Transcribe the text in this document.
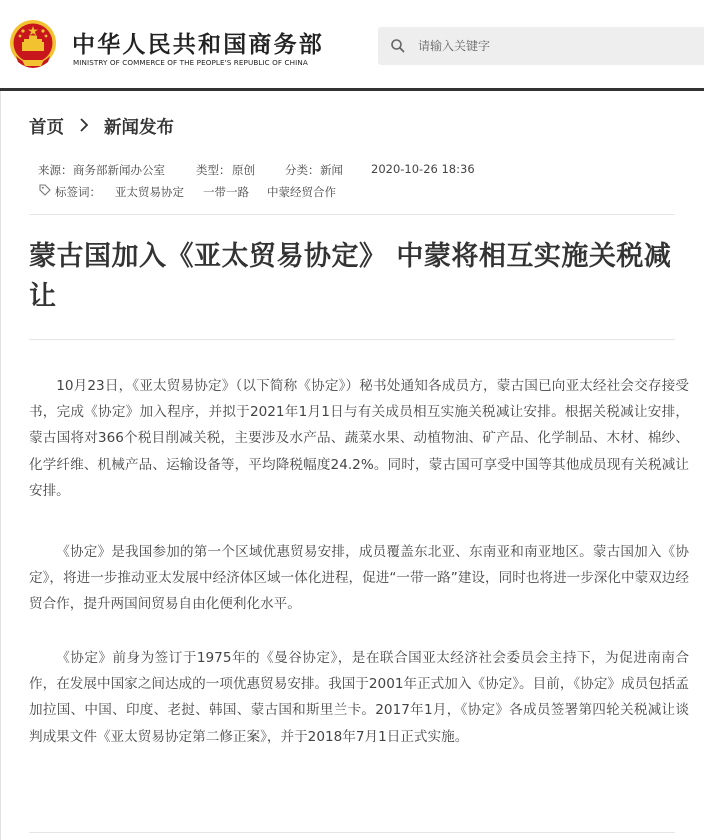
中华人民共和国商务部
MINISTRY OF COMMERCE OF THE PEOPLE'S REPUBLIC OF CHINA
请输入关键字
首页 新闻发布
来源： 商务部新闻办公室	类型： 原创	分类： 新闻 2020-10-26 18:36
标签词： 亚太贸易协定 一带一路 中蒙经贸合作
蒙古国加入《亚太贸易协定》 中蒙将相互实施关税减让

10月23日，《亚太贸易协定》（以下简称《协定》）秘书处通知各成员方，蒙古国已向亚太经社会交存接受书，完成《协定》加入程序，并拟于2021年1月1日与有关成员相互实施关税减让安排。根据关税减让安排，蒙古国将对366个税目削减关税，主要涉及水产品、蔬菜水果、动植物油、矿产品、化学制品、木材、棉纱、化学纤维、机械产品、运输设备等，平均降税幅度24.2%。同时，蒙古国可享受中国等其他成员现有关税减让安排。

《协定》是我国参加的第一个区域优惠贸易安排，成员覆盖东北亚、东南亚和南亚地区。蒙古国加入《协定》，将进一步推动亚太发展中经济体区域一体化进程，促进“一带一路”建设，同时也将进一步深化中蒙双边经贸合作，提升两国间贸易自由化便利化水平。

《协定》前身为签订于1975年的《曼谷协定》，是在联合国亚太经济社会委员会主持下，为促进南南合作，在发展中国家之间达成的一项优惠贸易安排。我国于2001年正式加入《协定》。目前，《协定》成员包括孟加拉国、中国、印度、老挝、韩国、蒙古国和斯里兰卡。2017年1月，《协定》各成员签署第四轮关税减让谈判成果文件《亚太贸易协定第二修正案》，并于2018年7月1日正式实施。
